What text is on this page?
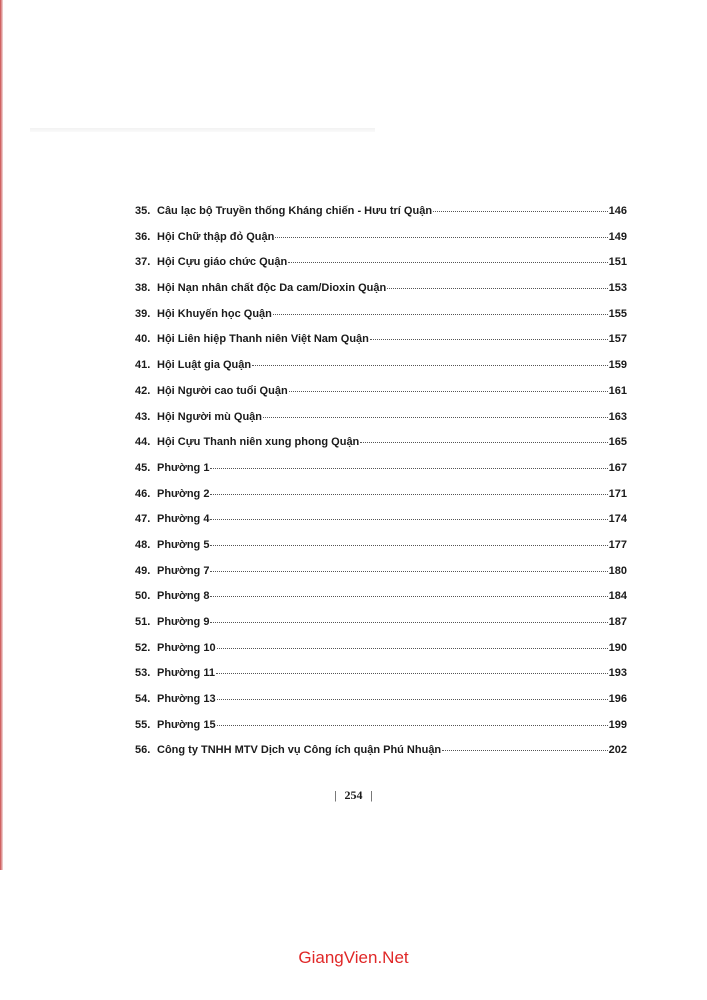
35. Câu lạc bộ Truyền thống Kháng chiến - Hưu trí Quận	146
36. Hội Chữ thập đỏ Quận	149
37. Hội Cựu giáo chức Quận	151
38. Hội Nạn nhân chất độc Da cam/Dioxin Quận	153
39. Hội Khuyến học Quận	155
40. Hội Liên hiệp Thanh niên Việt Nam Quận	157
41. Hội Luật gia Quận	159
42. Hội Người cao tuổi Quận	161
43. Hội Người mù Quận	163
44. Hội Cựu Thanh niên xung phong Quận	165
45. Phường 1	167
46. Phường 2	171
47. Phường 4	174
48. Phường 5	177
49. Phường 7	180
50. Phường 8	184
51. Phường 9	187
52. Phường 10	190
53. Phường 11	193
54. Phường 13	196
55. Phường 15	199
56. Công ty TNHH MTV Dịch vụ Công ích quận Phú Nhuận	202
| 254 |
GiangVien.Net
